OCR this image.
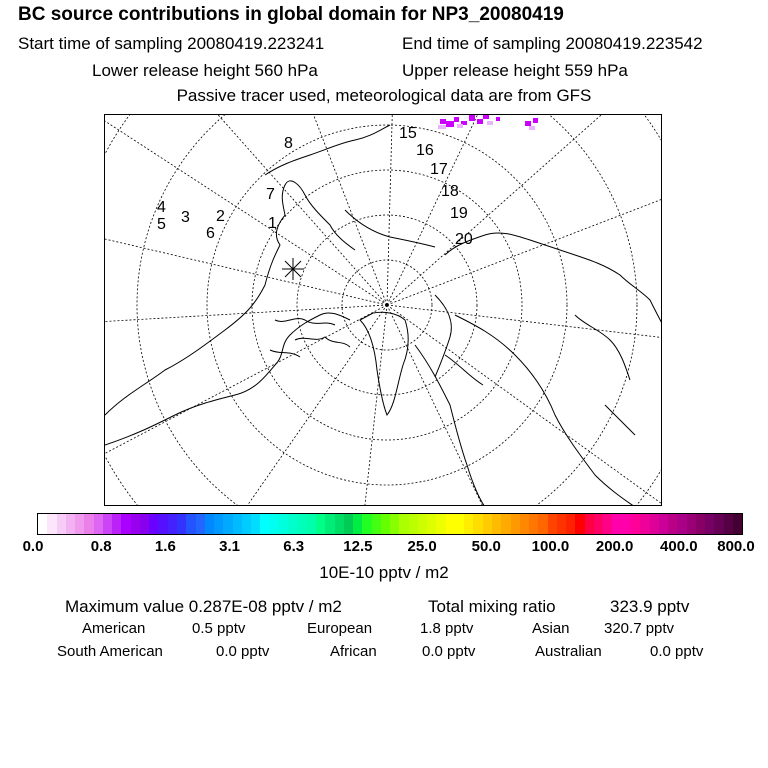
BC source contributions in global domain for NP3_20080419
Start time of sampling 20080419.223241	End time of sampling 20080419.223542
Lower release height 560 hPa	Upper release height 559 hPa
Passive tracer used, meteorological data are from GFS
1
2
3
4
5
6
7
8
15
16
17
18
19
20
0.0	0.8	1.6	3.1	6.3	12.5 25.0 50.0 100.0 200.0 400.0 800.0
10E-10 pptv / m2
Maximum value 0.287E-08 pptv / m2	Total mixing ratio	323.9 pptv
American	0.5 pptv	European	1.8 pptv	Asian 320.7 pptv
South American	0.0 pptv	African	0.0 pptv	Australian	0.0 pptv
